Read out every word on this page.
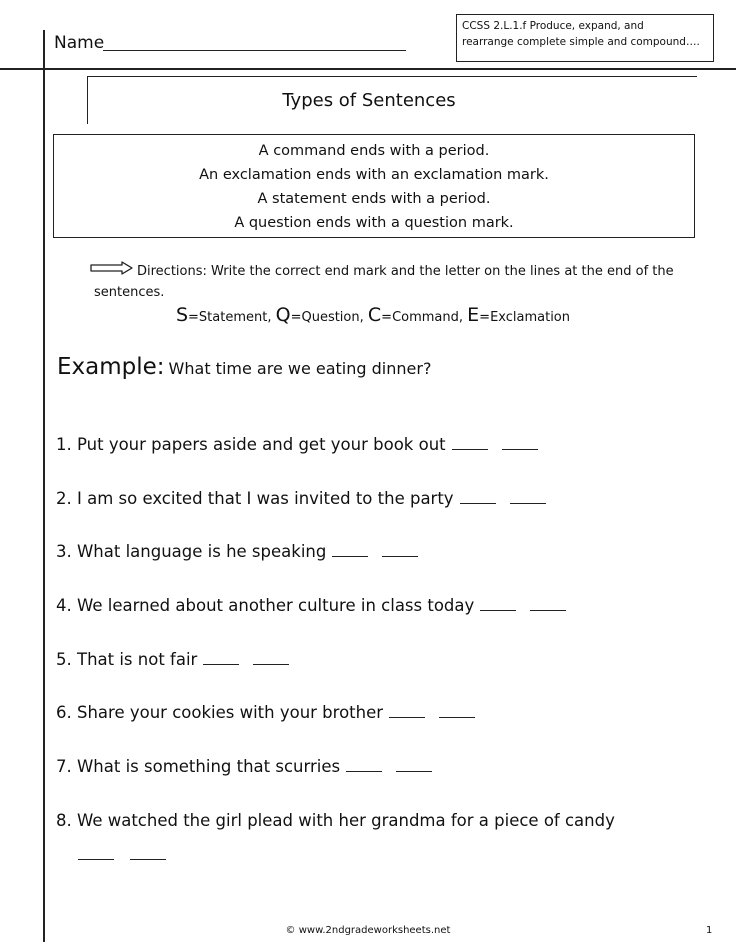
Name
CCSS 2.L.1.f Produce, expand, and
rearrange complete simple and compound….
Types of Sentences
A command ends with a period.
An exclamation ends with an exclamation mark.
A statement ends with a period.
A question ends with a question mark.
Directions: Write the correct end mark and the letter on the lines at the end of the sentences.
S=Statement, Q=Question, C=Command, E=Exclamation
Example: What time are we eating dinner?
1. Put your papers aside and get your book out
2. I am so excited that I was invited to the party
3. What language is he speaking
4. We learned about another culture in class today
5. That is not fair
6. Share your cookies with your brother
7. What is something that scurries
8. We watched the girl plead with her grandma for a piece of candy
© www.2ndgradeworksheets.net	1
